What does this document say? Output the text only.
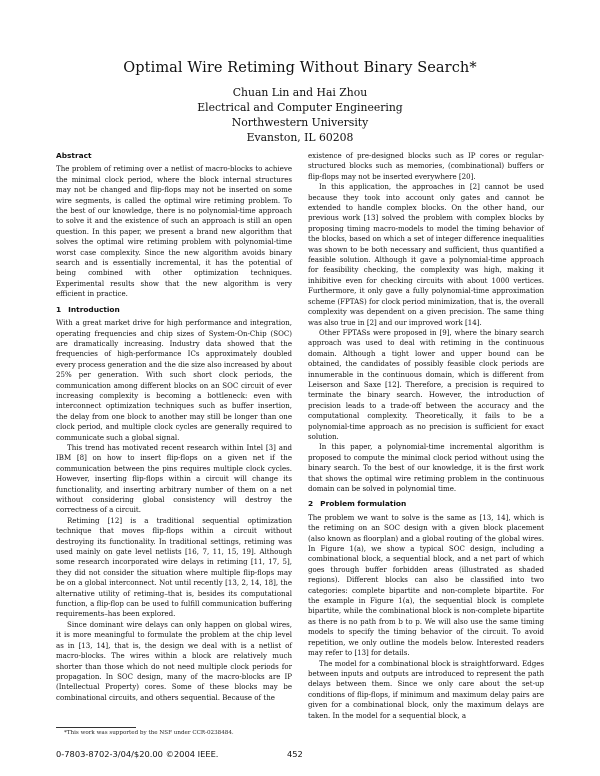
Optimal Wire Retiming Without Binary Search*
Chuan Lin and Hai Zhou
Electrical and Computer Engineering
Northwestern University
Evanston, IL 60208
Abstract

The problem of retiming over a netlist of macro-blocks to achieve the minimal clock period, where the block internal structures may not be changed and flip-flops may not be inserted on some wire segments, is called the optimal wire retiming problem. To the best of our knowledge, there is no polynomial-time approach to solve it and the existence of such an approach is still an open question. In this paper, we present a brand new algorithm that solves the optimal wire retiming problem with polynomial-time worst case complexity. Since the new algorithm avoids binary search and is essentially incremental, it has the potential of being combined with other optimization techniques. Experimental results show that the new algorithm is very efficient in practice.

1 Introduction

With a great market drive for high performance and integration, operating frequencies and chip sizes of System-On-Chip (SOC) are dramatically increasing. Industry data showed that the frequencies of high-performance ICs approximately doubled every process generation and the die size also increased by about 25% per generation. With such short clock periods, the communication among different blocks on an SOC circuit of ever increasing complexity is becoming a bottleneck: even with interconnect optimization techniques such as buffer insertion, the delay from one block to another may still be longer than one clock period, and multiple clock cycles are generally required to communicate such a global signal.

This trend has motivated recent research within Intel [3] and IBM [8] on how to insert flip-flops on a given net if the communication between the pins requires multiple clock cycles. However, inserting flip-flops within a circuit will change its functionality, and inserting arbitrary number of them on a net without considering global consistency will destroy the correctness of a circuit.

Retiming [12] is a traditional sequential optimization technique that moves flip-flops within a circuit without destroying its functionality. In traditional settings, retiming was used mainly on gate level netlists [16, 7, 11, 15, 19]. Although some research incorporated wire delays in retiming [11, 17, 5], they did not consider the situation where multiple flip-flops may be on a global interconnect. Not until recently [13, 2, 14, 18], the alternative utility of retiming–that is, besides its computational function, a flip-flop can be used to fulfill communication buffering requirements–has been explored.

Since dominant wire delays can only happen on global wires, it is more meaningful to formulate the problem at the chip level as in [13, 14], that is, the design we deal with is a netlist of macro-blocks. The wires within a block are relatively much shorter than those which do not need multiple clock periods for propagation. In SOC design, many of the macro-blocks are IP (Intellectual Property) cores. Some of these blocks may be combinational circuits, and others sequential. Because of the

existence of pre-designed blocks such as IP cores or regular-structured blocks such as memories, (combinational) buffers or flip-flops may not be inserted everywhere [20].

In this application, the approaches in [2] cannot be used because they took into account only gates and cannot be extended to handle complex blocks. On the other hand, our previous work [13] solved the problem with complex blocks by proposing timing macro-models to model the timing behavior of the blocks, based on which a set of integer difference inequalities was shown to be both necessary and sufficient, thus quantified a feasible solution. Although it gave a polynomial-time approach for feasibility checking, the complexity was high, making it inhibitive even for checking circuits with about 1000 vertices. Furthermore, it only gave a fully polynomial-time approximation scheme (FPTAS) for clock period minimization, that is, the overall complexity was dependent on a given precision. The same thing was also true in [2] and our improved work [14].

Other FPTASs were proposed in [9], where the binary search approach was used to deal with retiming in the continuous domain. Although a tight lower and upper bound can be obtained, the candidates of possibly feasible clock periods are innumerable in the continuous domain, which is different from Leiserson and Saxe [12]. Therefore, a precision is required to terminate the binary search. However, the introduction of precision leads to a trade-off between the accuracy and the computational complexity. Theoretically, it fails to be a polynomial-time approach as no precision is sufficient for exact solution.

In this paper, a polynomial-time incremental algorithm is proposed to compute the minimal clock period without using the binary search. To the best of our knowledge, it is the first work that shows the optimal wire retiming problem in the continuous domain can be solved in polynomial time.

2 Problem formulation

The problem we want to solve is the same as [13, 14], which is the retiming on an SOC design with a given block placement (also known as floorplan) and a global routing of the global wires. In Figure 1(a), we show a typical SOC design, including a combinational block, a sequential block, and a net part of which goes through buffer forbidden areas (illustrated as shaded regions). Different blocks can also be classified into two categories: complete bipartite and non-complete bipartite. For the example in Figure 1(a), the sequential block is complete bipartite, while the combinational block is non-complete bipartite as there is no path from b to p. We will also use the same timing models to specify the timing behavior of the circuit. To avoid repetition, we only outline the models below. Interested readers may refer to [13] for details.

The model for a combinational block is straightforward. Edges between inputs and outputs are introduced to represent the path delays between them. Since we only care about the set-up conditions of flip-flops, if minimum and maximum delay pairs are given for a combinational block, only the maximum delays are taken. In the model for a sequential block, a

*This work was supported by the NSF under CCR-0238484.
0-7803-8702-3/04/$20.00 ©2004 IEEE.	452
